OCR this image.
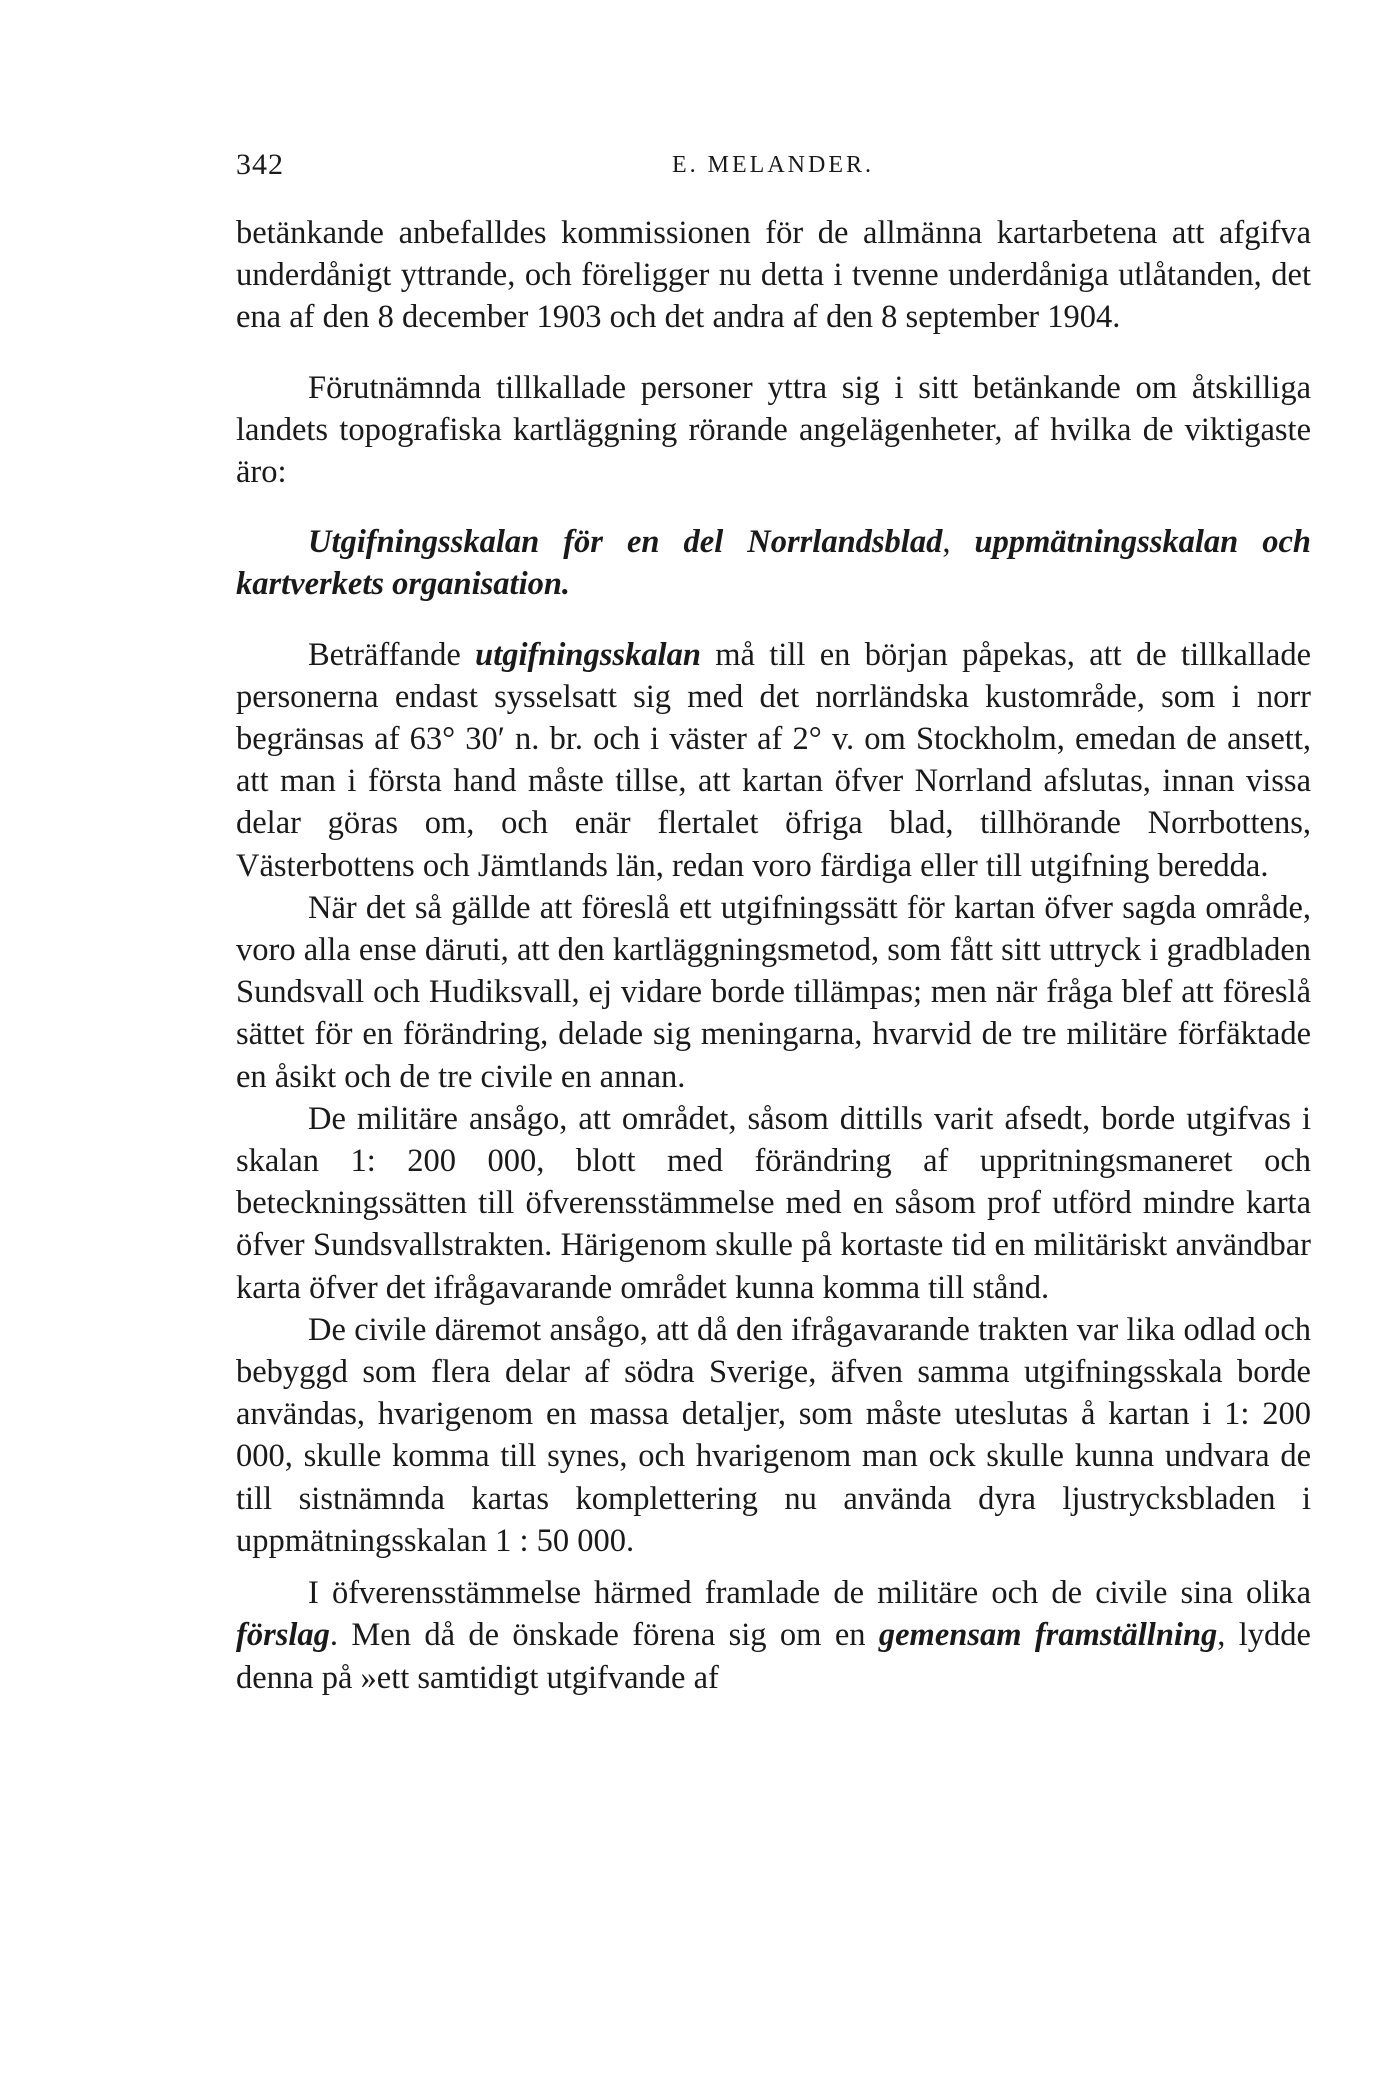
342	E. MELANDER.

betänkande anbefalldes kommissionen för de allmänna kartarbetena att afgifva underdånigt yttrande, och föreligger nu detta i tvenne underdåniga utlåtanden, det ena af den 8 december 1903 och det andra af den 8 september 1904.

Förutnämnda tillkallade personer yttra sig i sitt betänkande om åtskilliga landets topografiska kartläggning rörande angelägenheter, af hvilka de viktigaste äro:

Utgifningsskalan för en del Norrlandsblad, uppmätningsskalan och kartverkets organisation.

Beträffande utgifningsskalan må till en början påpekas, att de tillkallade personerna endast sysselsatt sig med det norrländska kustområde, som i norr begränsas af 63° 30′ n. br. och i väster af 2° v. om Stockholm, emedan de ansett, att man i första hand måste tillse, att kartan öfver Norrland afslutas, innan vissa delar göras om, och enär flertalet öfriga blad, tillhörande Norrbottens, Västerbottens och Jämtlands län, redan voro färdiga eller till utgifning beredda.

När det så gällde att föreslå ett utgifningssätt för kartan öfver sagda område, voro alla ense däruti, att den kartläggningsmetod, som fått sitt uttryck i gradbladen Sundsvall och Hudiksvall, ej vidare borde tillämpas; men när fråga blef att föreslå sättet för en förändring, delade sig meningarna, hvarvid de tre militäre förfäktade en åsikt och de tre civile en annan.

De militäre ansågo, att området, såsom dittills varit afsedt, borde utgifvas i skalan 1: 200 000, blott med förändring af uppritningsmaneret och beteckningssätten till öfverensstämmelse med en såsom prof utförd mindre karta öfver Sundsvallstrakten. Härigenom skulle på kortaste tid en militäriskt användbar karta öfver det ifrågavarande området kunna komma till stånd.

De civile däremot ansågo, att då den ifrågavarande trakten var lika odlad och bebyggd som flera delar af södra Sverige, äfven samma utgifningsskala borde användas, hvarigenom en massa detaljer, som måste uteslutas å kartan i 1: 200 000, skulle komma till synes, och hvarigenom man ock skulle kunna undvara de till sistnämnda kartas komplettering nu använda dyra ljustrycksbladen i uppmätningsskalan 1 : 50 000.

I öfverensstämmelse härmed framlade de militäre och de civile sina olika förslag. Men då de önskade förena sig om en gemensam framställning, lydde denna på »ett samtidigt utgifvande af
